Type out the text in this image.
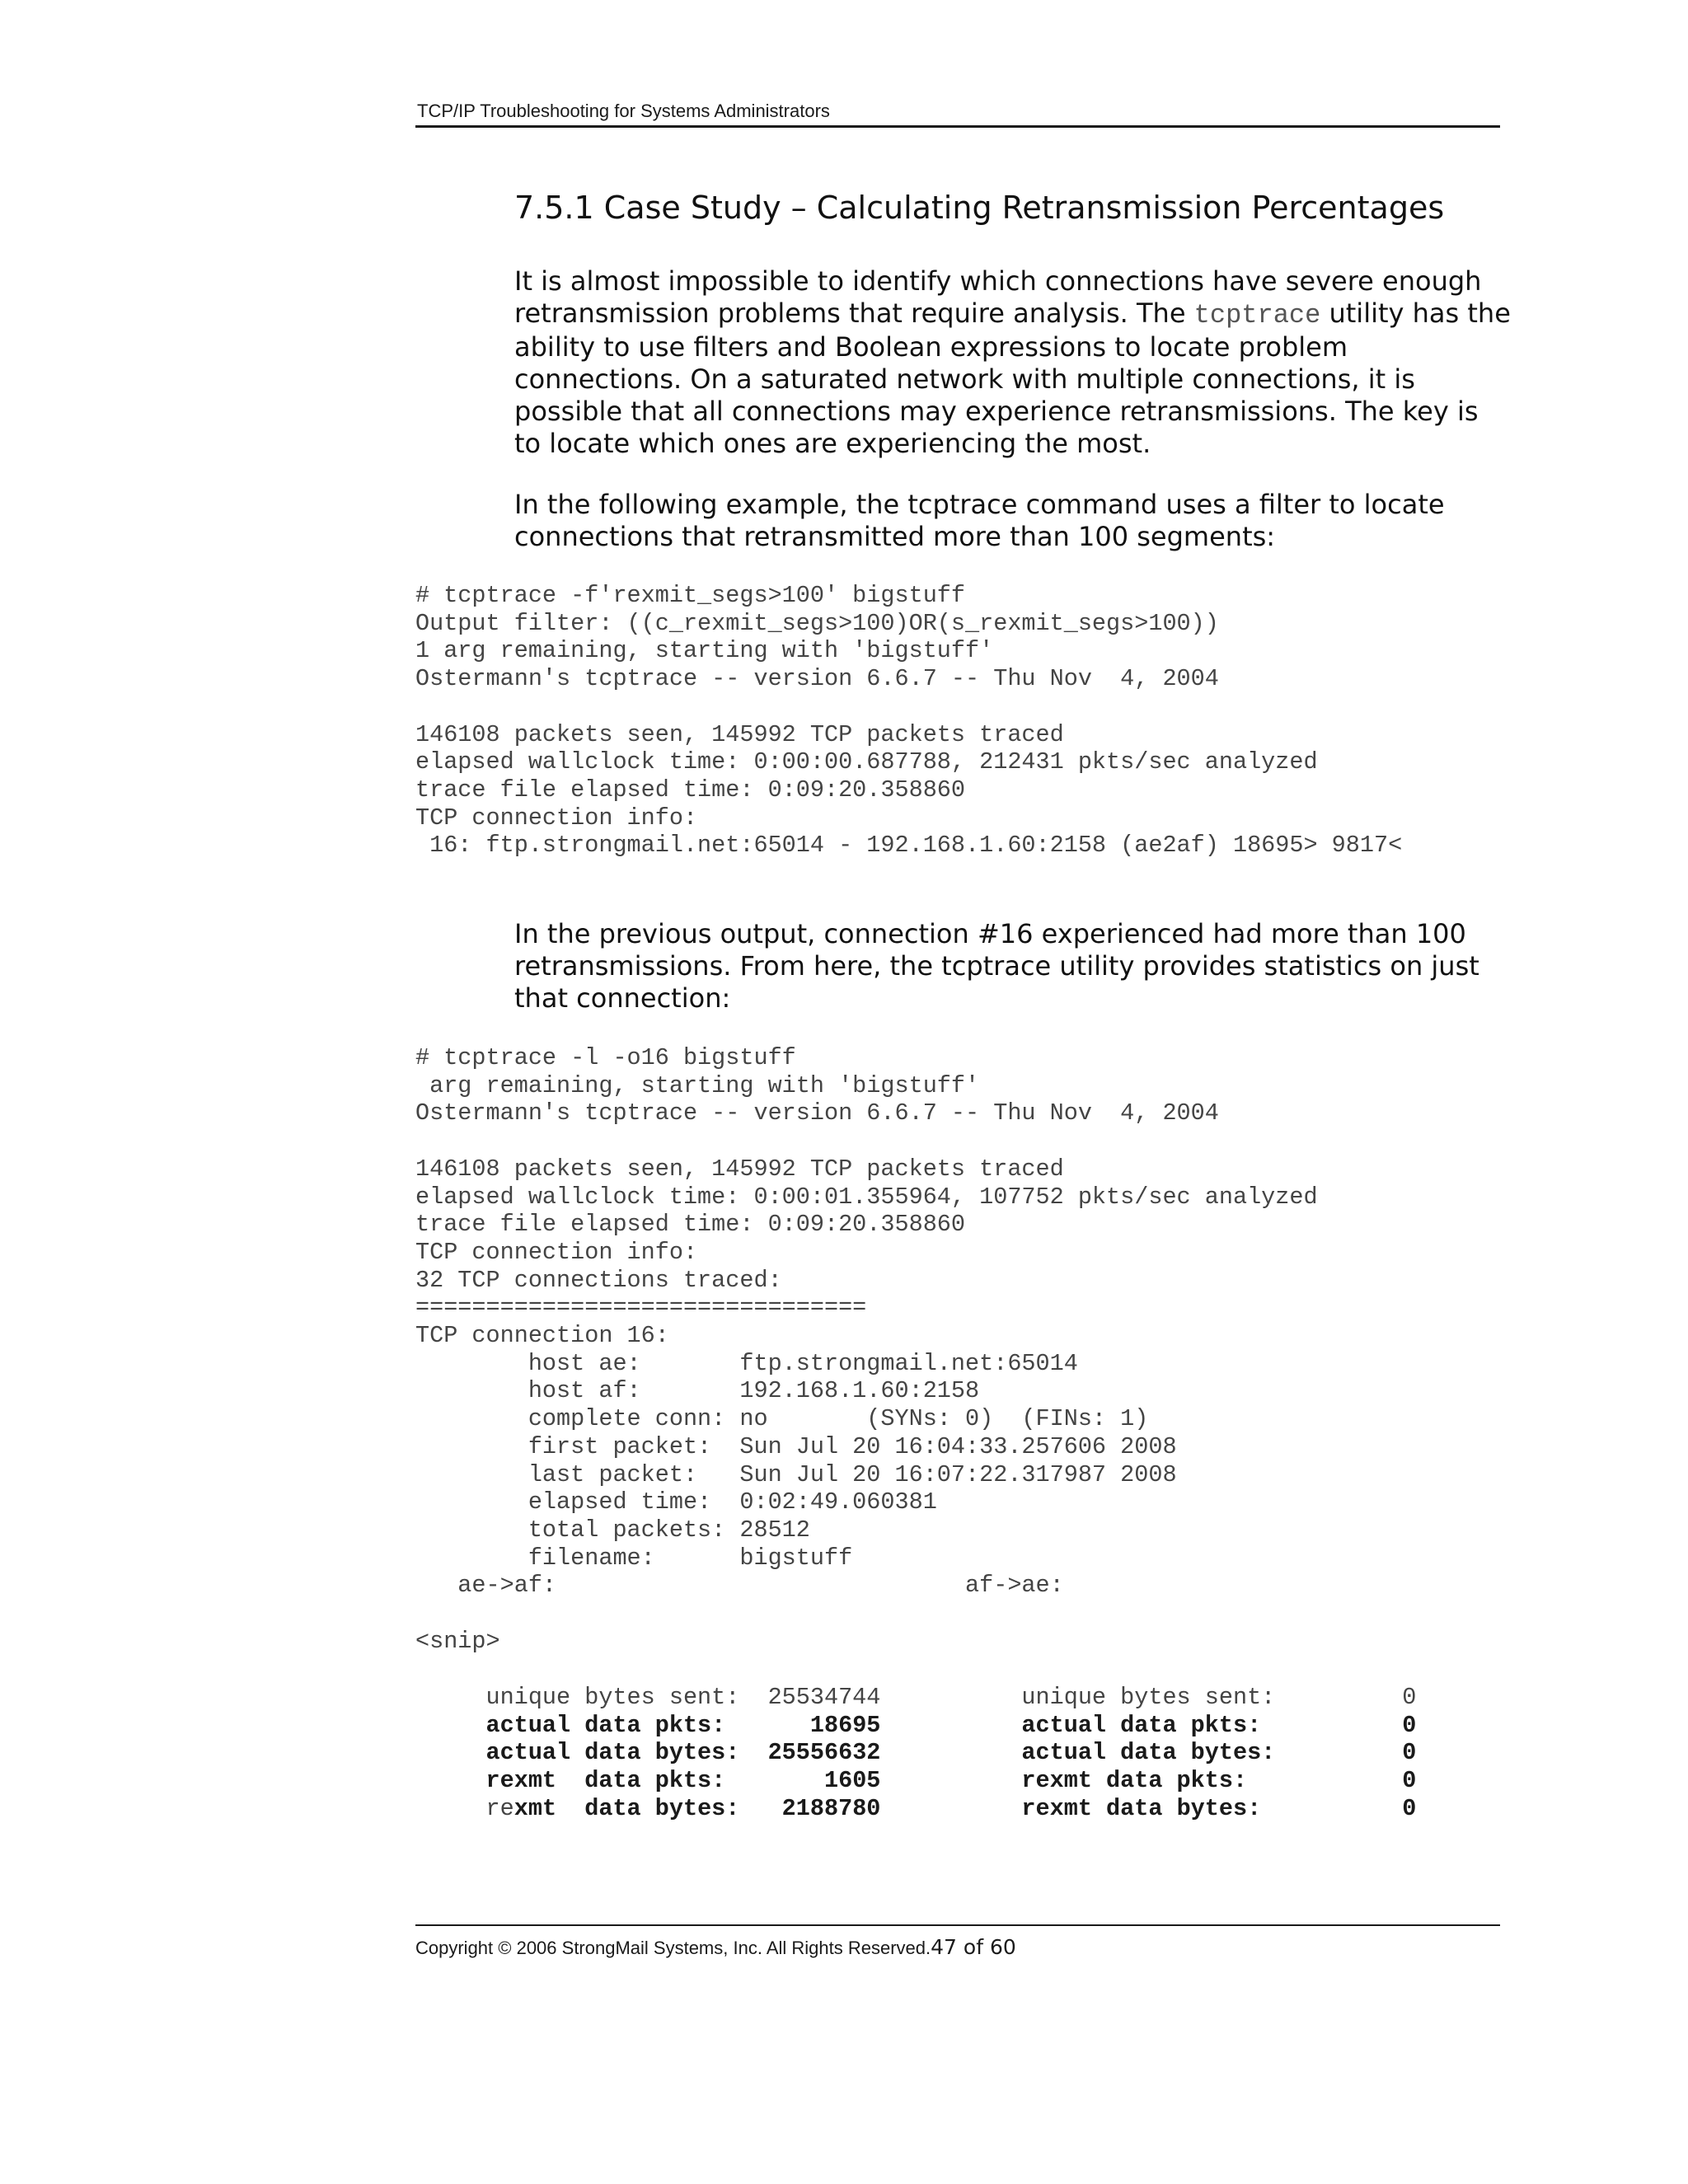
TCP/IP Troubleshooting for Systems Administrators
7.5.1 Case Study – Calculating Retransmission Percentages
It is almost impossible to identify which connections have severe enough retransmission problems that require analysis. The tcptrace utility has the ability to use filters and Boolean expressions to locate problem connections. On a saturated network with multiple connections, it is possible that all connections may experience retransmissions. The key is to locate which ones are experiencing the most.
In the following example, the tcptrace command uses a filter to locate connections that retransmitted more than 100 segments:
# tcptrace -f'rexmit_segs>100' bigstuff
Output filter: ((c_rexmit_segs>100)OR(s_rexmit_segs>100))
1 arg remaining, starting with 'bigstuff'
Ostermann's tcptrace -- version 6.6.7 -- Thu Nov  4, 2004

146108 packets seen, 145992 TCP packets traced
elapsed wallclock time: 0:00:00.687788, 212431 pkts/sec analyzed
trace file elapsed time: 0:09:20.358860
TCP connection info:
16: ftp.strongmail.net:65014 - 192.168.1.60:2158 (ae2af) 18695> 9817<

In the previous output, connection #16 experienced had more than 100 retransmissions. From here, the tcptrace utility provides statistics on just that connection:
# tcptrace -l -o16 bigstuff
arg remaining, starting with 'bigstuff'
Ostermann's tcptrace -- version 6.6.7 -- Thu Nov  4, 2004

146108 packets seen, 145992 TCP packets traced
elapsed wallclock time: 0:00:01.355964, 107752 pkts/sec analyzed
trace file elapsed time: 0:09:20.358860
TCP connection info:
32 TCP connections traced:
================================
TCP connection 16:
host ae:       ftp.strongmail.net:65014
host af:       192.168.1.60:2158
complete conn: no       (SYNs: 0)  (FINs: 1)
first packet:  Sun Jul 20 16:04:33.257606 2008
last packet:   Sun Jul 20 16:07:22.317987 2008
elapsed time:  0:02:49.060381
total packets: 28512
filename:      bigstuff
ae->af:                             af->ae:

<snip>

unique bytes sent:  25534744          unique bytes sent:         0
actual data pkts:      18695          actual data pkts:          0
actual data bytes:  25556632          actual data bytes:         0
rexmt  data pkts:       1605          rexmt data pkts:           0
rexmt  data bytes:   2188780          rexmt data bytes:          0

Copyright © 2006 StrongMail Systems, Inc. All Rights Reserved.47 of 60
